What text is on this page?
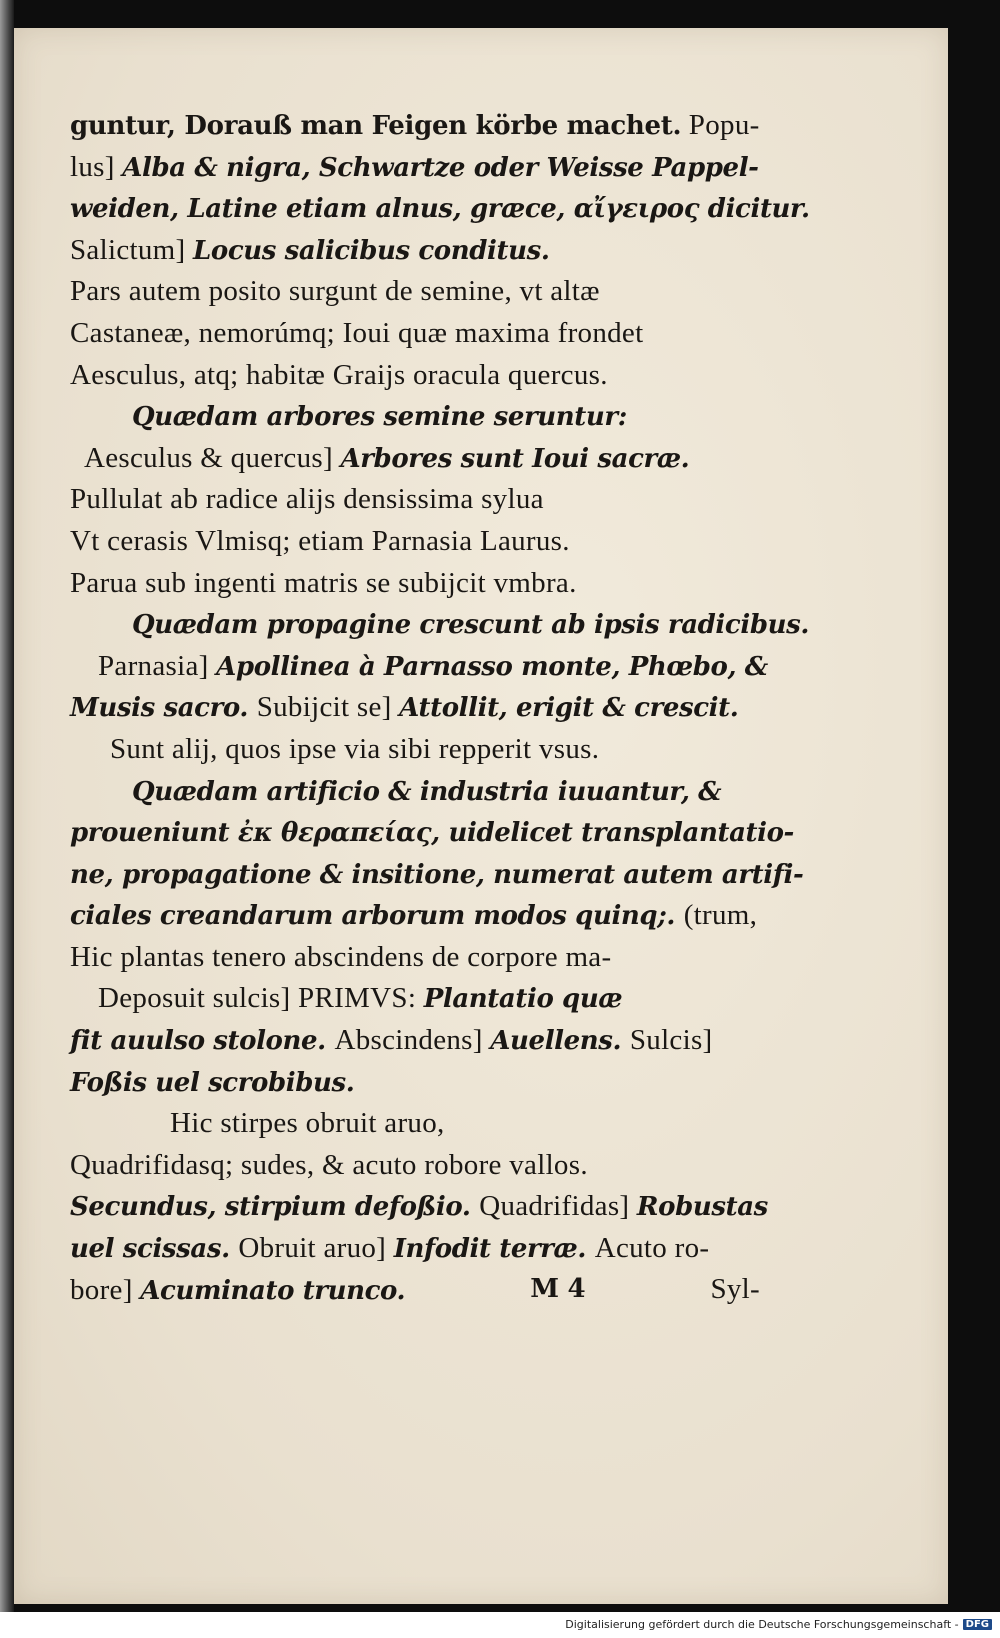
guntur, Dorauß man Feigen körbe machet. Popu-
lus] Alba & nigra, Schwartze oder Weisse Pappel-
weiden, Latine etiam alnus, græce, αἴγειρος dicitur.
Salictum] Locus salicibus conditus.
Pars autem posito surgunt de semine, vt altæ
Castaneæ, nemorúmq; Ioui quæ maxima frondet
Aesculus, atq; habitæ Graijs oracula quercus.
Quædam arbores semine seruntur:
Aesculus & quercus] Arbores sunt Ioui sacræ.
Pullulat ab radice alijs densissima sylua
Vt cerasis Vlmisq; etiam Parnasia Laurus.
Parua sub ingenti matris se subijcit vmbra.
Quædam propagine crescunt ab ipsis radicibus.
Parnasia] Apollinea à Parnasso monte, Phœbo, &
Musis sacro. Subijcit se] Attollit, erigit & crescit.
Sunt alij, quos ipse via sibi repperit vsus.
Quædam artificio & industria iuuantur, &
proueniunt ἐκ θεραπείας, uidelicet transplantatio-
ne, propagatione & insitione, numerat autem artifi-
ciales creandarum arborum modos quinq;. (trum,
Hic plantas tenero abscindens de corpore ma-
Deposuit sulcis] PRIMVS: Plantatio quæ
fit auulso stolone. Abscindens] Auellens. Sulcis]
Foßis uel scrobibus.
Hic stirpes obruit aruo,
Quadrifidasq; sudes, & acuto robore vallos.
Secundus, stirpium defoßio. Quadrifidas] Robustas
uel scissas. Obruit aruo] Infodit terræ. Acuto ro-
bore] Acuminato trunco.	M 4	Syl-
Digitalisierung gefördert durch die Deutsche Forschungsgemeinschaft - DFG
